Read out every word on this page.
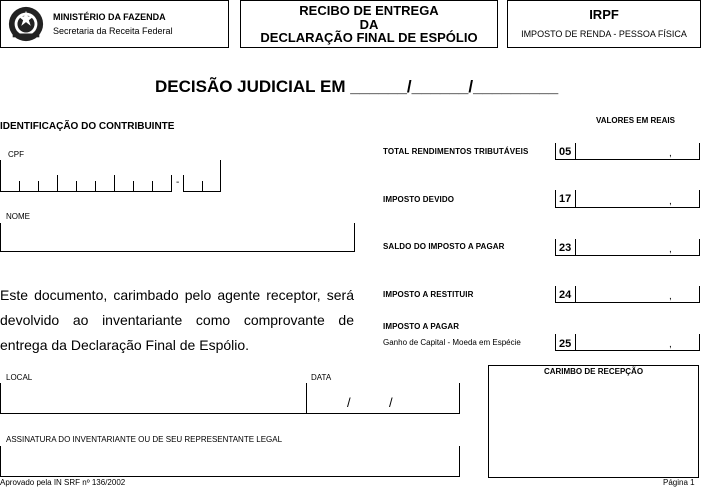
MINISTÉRIO DA FAZENDA
Secretaria da Receita Federal
RECIBO DE ENTREGA
DA
DECLARAÇÃO FINAL DE ESPÓLIO
IRPF
IMPOSTO DE RENDA - PESSOA FÍSICA
DECISÃO JUDICIAL EM ______/______/_________
IDENTIFICAÇÃO DO CONTRIBUINTE
CPF
-
NOME
Este documento, carimbado pelo agente receptor, será devolvido ao inventariante como comprovante de entrega da Declaração Final de Espólio.
LOCAL	DATA
/	/
ASSINATURA DO INVENTARIANTE OU DE SEU REPRESENTANTE LEGAL
VALORES EM REAIS
TOTAL RENDIMENTOS TRIBUTÁVEIS	05	,
IMPOSTO DEVIDO	17	,
SALDO DO IMPOSTO A PAGAR	23	,
IMPOSTO A RESTITUIR	24	,
IMPOSTO A PAGAR
Ganho de Capital - Moeda em Espécie	25	,
CARIMBO DE RECEPÇÃO
Aprovado pela IN SRF nº 136/2002	Página 1
